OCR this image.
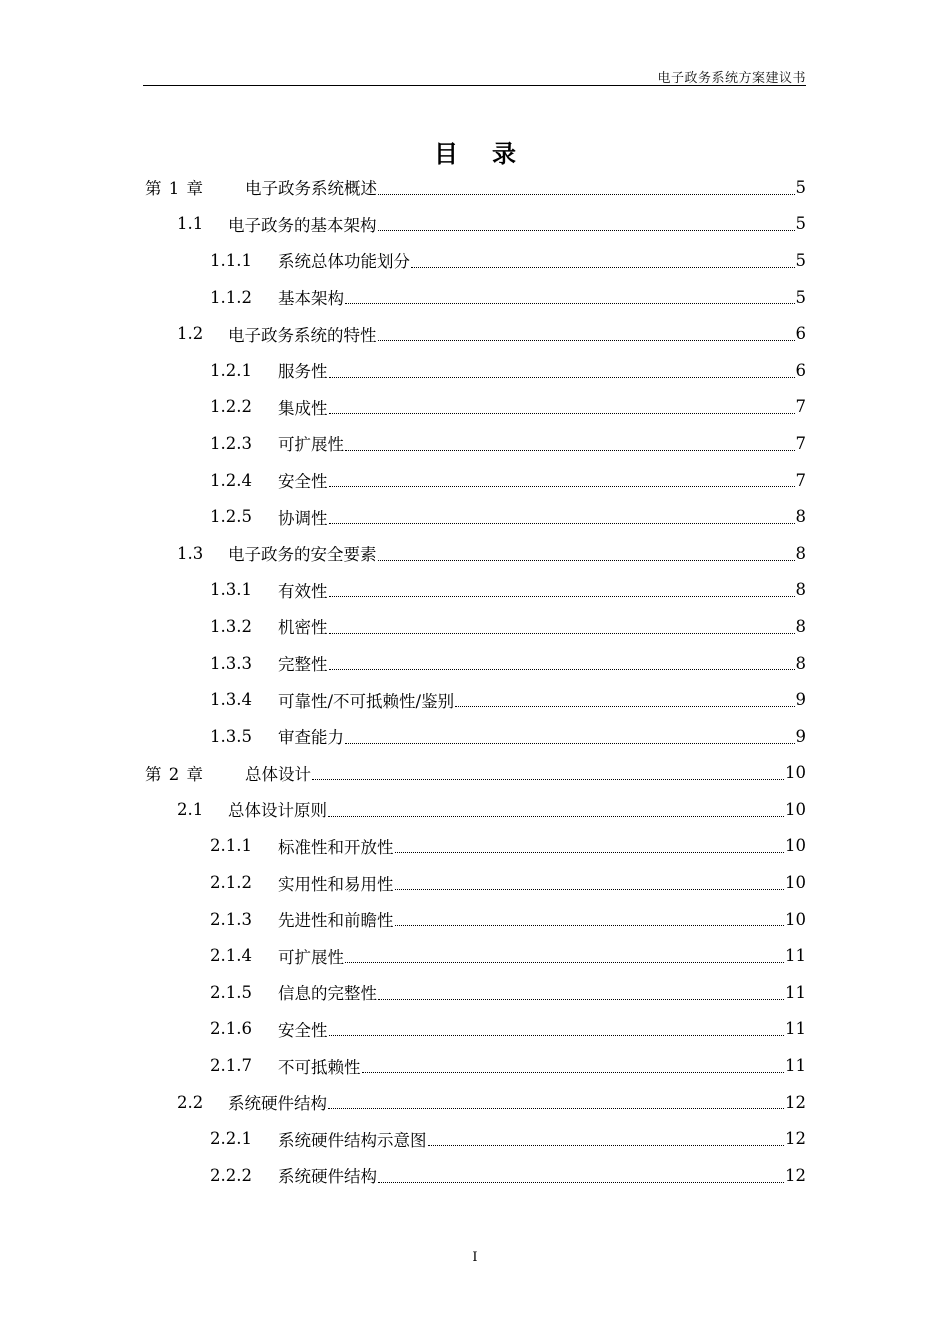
电子政务系统方案建议书
目录
第 1 章	电子政务系统概述	5
1.1	电子政务的基本架构	5
1.1.1	系统总体功能划分	5
1.1.2	基本架构	5
1.2	电子政务系统的特性	6
1.2.1	服务性	6
1.2.2	集成性	7
1.2.3	可扩展性	7
1.2.4	安全性	7
1.2.5	协调性	8
1.3	电子政务的安全要素	8
1.3.1	有效性	8
1.3.2	机密性	8
1.3.3	完整性	8
1.3.4	可靠性/不可抵赖性/鉴别	9
1.3.5	审查能力	9
第 2 章	总体设计	10
2.1	总体设计原则	10
2.1.1	标准性和开放性	10
2.1.2	实用性和易用性	10
2.1.3	先进性和前瞻性	10
2.1.4	可扩展性	11
2.1.5	信息的完整性	11
2.1.6	安全性	11
2.1.7	不可抵赖性	11
2.2	系统硬件结构	12
2.2.1	系统硬件结构示意图	12
2.2.2	系统硬件结构	12
I
